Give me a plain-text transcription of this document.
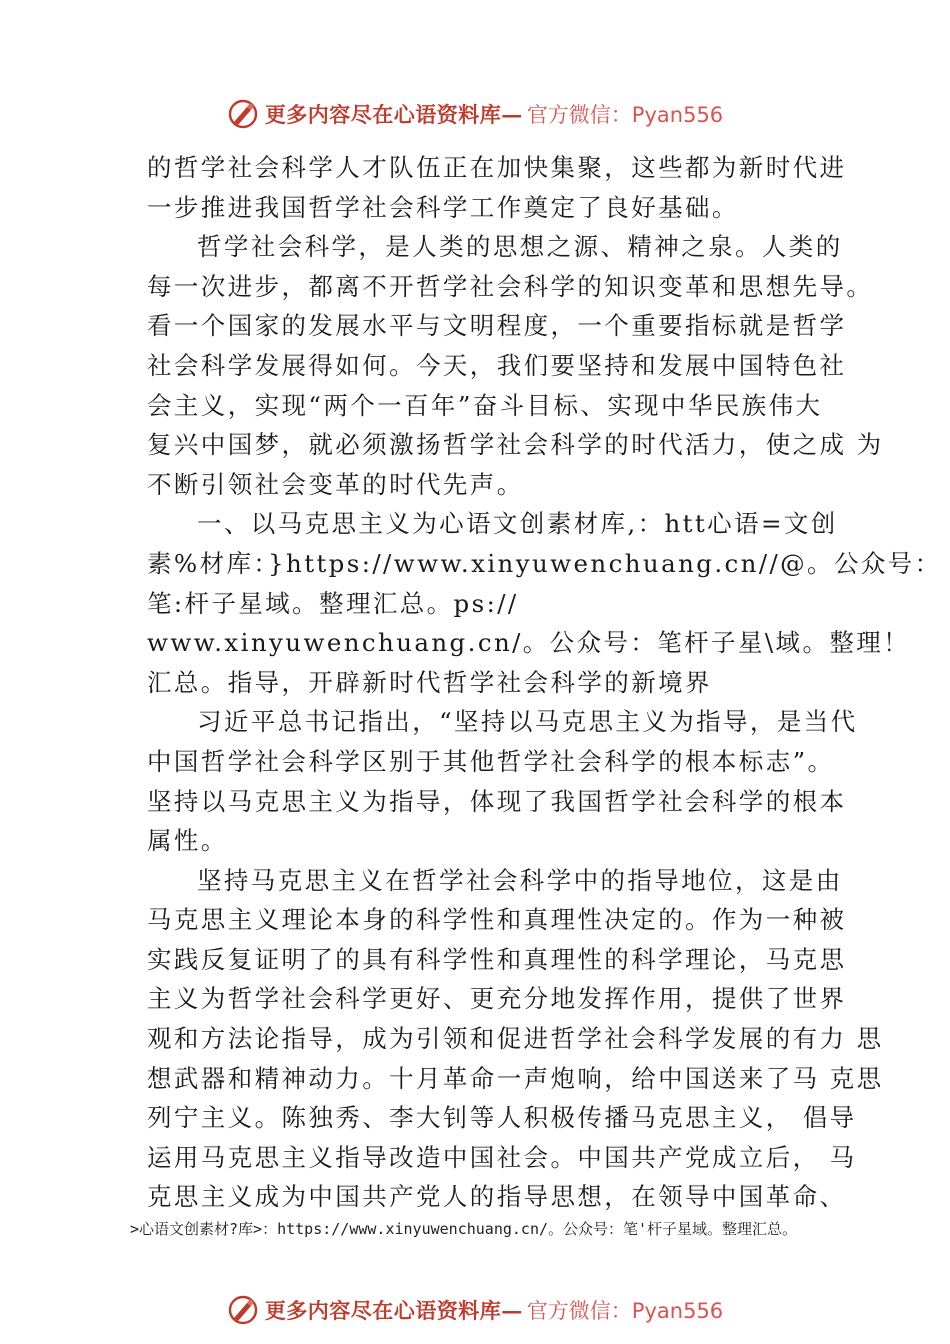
更多内容尽在心语资料库— 官方微信：Pyan556
的哲学社会科学人才队伍正在加快集聚，这些都为新时代进
一步推进我国哲学社会科学工作奠定了良好基础。
哲学社会科学，是人类的思想之源、精神之泉。人类的
每一次进步，都离不开哲学社会科学的知识变革和思想先导。
看一个国家的发展水平与文明程度，一个重要指标就是哲学
社会科学发展得如何。今天，我们要坚持和发展中国特色社
会主义，实现“两个一百年”奋斗目标、实现中华民族伟大
复兴中国梦，就必须激扬哲学社会科学的时代活力，使之成 为
不断引领社会变革的时代先声。
一、以马克思主义为心语文创素材库,：htt心语=文创
素%材库：}https://www.xinyuwenchuang.cn//@。公众号：
笔:杆子星域。整理汇总。ps://
www.xinyuwenchuang.cn/。公众号：笔杆子星\域。整理！
汇总。指导，开辟新时代哲学社会科学的新境界
习近平总书记指出，“坚持以马克思主义为指导，是当代
中国哲学社会科学区别于其他哲学社会科学的根本标志”。
坚持以马克思主义为指导，体现了我国哲学社会科学的根本
属性。
坚持马克思主义在哲学社会科学中的指导地位，这是由
马克思主义理论本身的科学性和真理性决定的。作为一种被
实践反复证明了的具有科学性和真理性的科学理论，马克思
主义为哲学社会科学更好、更充分地发挥作用，提供了世界
观和方法论指导，成为引领和促进哲学社会科学发展的有力 思
想武器和精神动力。十月革命一声炮响，给中国送来了马 克思
列宁主义。陈独秀、李大钊等人积极传播马克思主义， 倡导
运用马克思主义指导改造中国社会。中国共产党成立后， 马
克思主义成为中国共产党人的指导思想，在领导中国革命、
>心语文创素材?库>：https://www.xinyuwenchuang.cn/。公众号：笔'杆子星域。整理汇总。
更多内容尽在心语资料库— 官方微信：Pyan556
